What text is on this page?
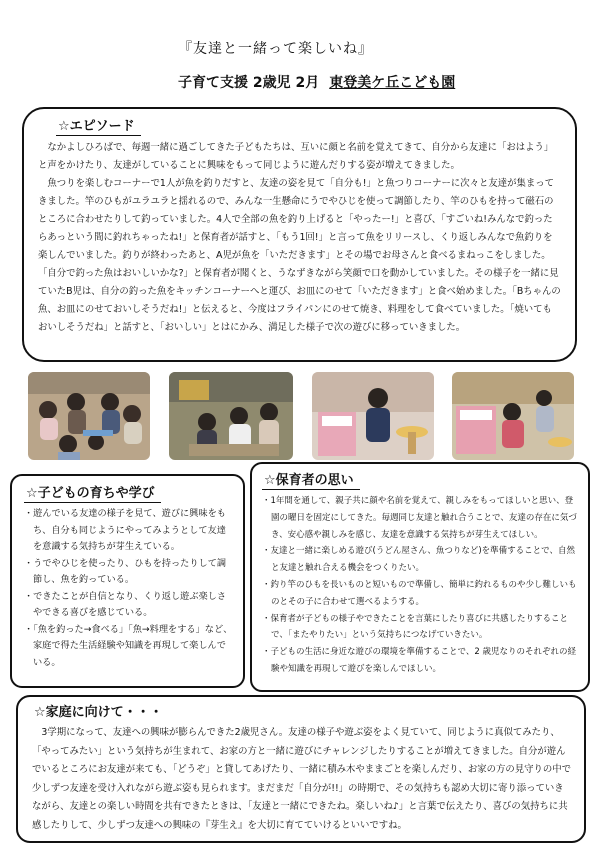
『友達と一緒って楽しいね』
子育て支援 2歳児 2月 東登美ケ丘こども園
☆エピソード

なかよしひろばで、毎週一緒に過ごしてきた子どもたちは、互いに顔と名前を覚えてきて、自分から友達に「おはよう」と声をかけたり、友達がしていることに興味をもって同じように遊んだりする姿が増えてきました。

魚つりを楽しむコーナーで1人が魚を釣りだすと、友達の姿を見て「自分も!」と魚つりコーナーに次々と友達が集まってきました。竿のひもがユラユラと揺れるので、みんな一生懸命にうでやひじを使って調節したり、竿のひもを持って磁石のところに合わせたりして釣っていました。4人で全部の魚を釣り上げると「やったー!」と喜び、「すごいね!みんなで釣ったらあっという間に釣れちゃったね!」と保育者が話すと、「もう1回!」と言って魚をリリースし、くり返しみんなで魚釣りを楽しんでいました。釣りが終わったあと、A児が魚を「いただきます」とその場でお母さんと食べるまねっこをしました。「自分で釣った魚はおいしいかな?」と保育者が聞くと、うなずきながら笑顔で口を動かしていました。その様子を一緒に見ていたB児は、自分の釣った魚をキッチンコーナーへと運び、お皿にのせて「いただきます」と食べ始めました。「Bちゃんの魚、お皿にのせておいしそうだね!」と伝えると、今度はフライパンにのせて焼き、料理をして食べていました。「焼いてもおいしそうだね」と話すと、「おいしい」とはにかみ、満足した様子で次の遊びに移っていきました。

☆子どもの育ちや学び
・遊んでいる友達の様子を見て、遊びに興味をもち、自分も同じようにやってみようとして友達を意識する気持ちが芽生えている。
・うでやひじを使ったり、ひもを持ったりして調節し、魚を釣っている。
・できたことが自信となり、くり返し遊ぶ楽しさやできる喜びを感じている。
・「魚を釣った→食べる」「魚→料理をする」など、家庭で得た生活経験や知識を再現して楽しんでいる。
☆保育者の思い
・1年間を通して、親子共に顔や名前を覚えて、親しみをもってほしいと思い、登園の曜日を固定にしてきた。毎週同じ友達と触れ合うことで、友達の存在に気づき、安心感や親しみを感じ、友達を意識する気持ちが芽生えてほしい。
・友達と一緒に楽しめる遊び(うどん屋さん、魚つりなど)を準備することで、自然と友達と触れ合える機会をつくりたい。
・釣り竿のひもを長いものと短いもので準備し、簡単に釣れるものや少し難しいものとその子に合わせて選べるようする。
・保育者が子どもの様子やできたことを言葉にしたり喜びに共感したりすることで、「またやりたい」という気持ちにつなげていきたい。
・子どもの生活に身近な遊びの環境を準備することで、2 歳児なりのそれぞれの経験や知識を再現して遊びを楽しんでほしい。
☆家庭に向けて・・・

3学期になって、友達への興味が膨らんできた2歳児さん。友達の様子や遊ぶ姿をよく見ていて、同じように真似てみたり、「やってみたい」という気持ちが生まれて、お家の方と一緒に遊びにチャレンジしたりすることが増えてきました。自分が遊んでいるところにお友達が来ても、「どうぞ」と貸してあげたり、一緒に積み木やままごとを楽しんだり、お家の方の見守りの中で少しずつ友達を受け入れながら遊ぶ姿も見られます。まだまだ「自分が!!」の時期で、その気持ちも認め大切に寄り添っていきながら、友達との楽しい時間を共有できたときは、「友達と一緒にできたね。楽しいね♪」と言葉で伝えたり、喜びの気持ちに共感したりして、少しずつ友達への興味の『芽生え』を大切に育てていけるといいですね。
